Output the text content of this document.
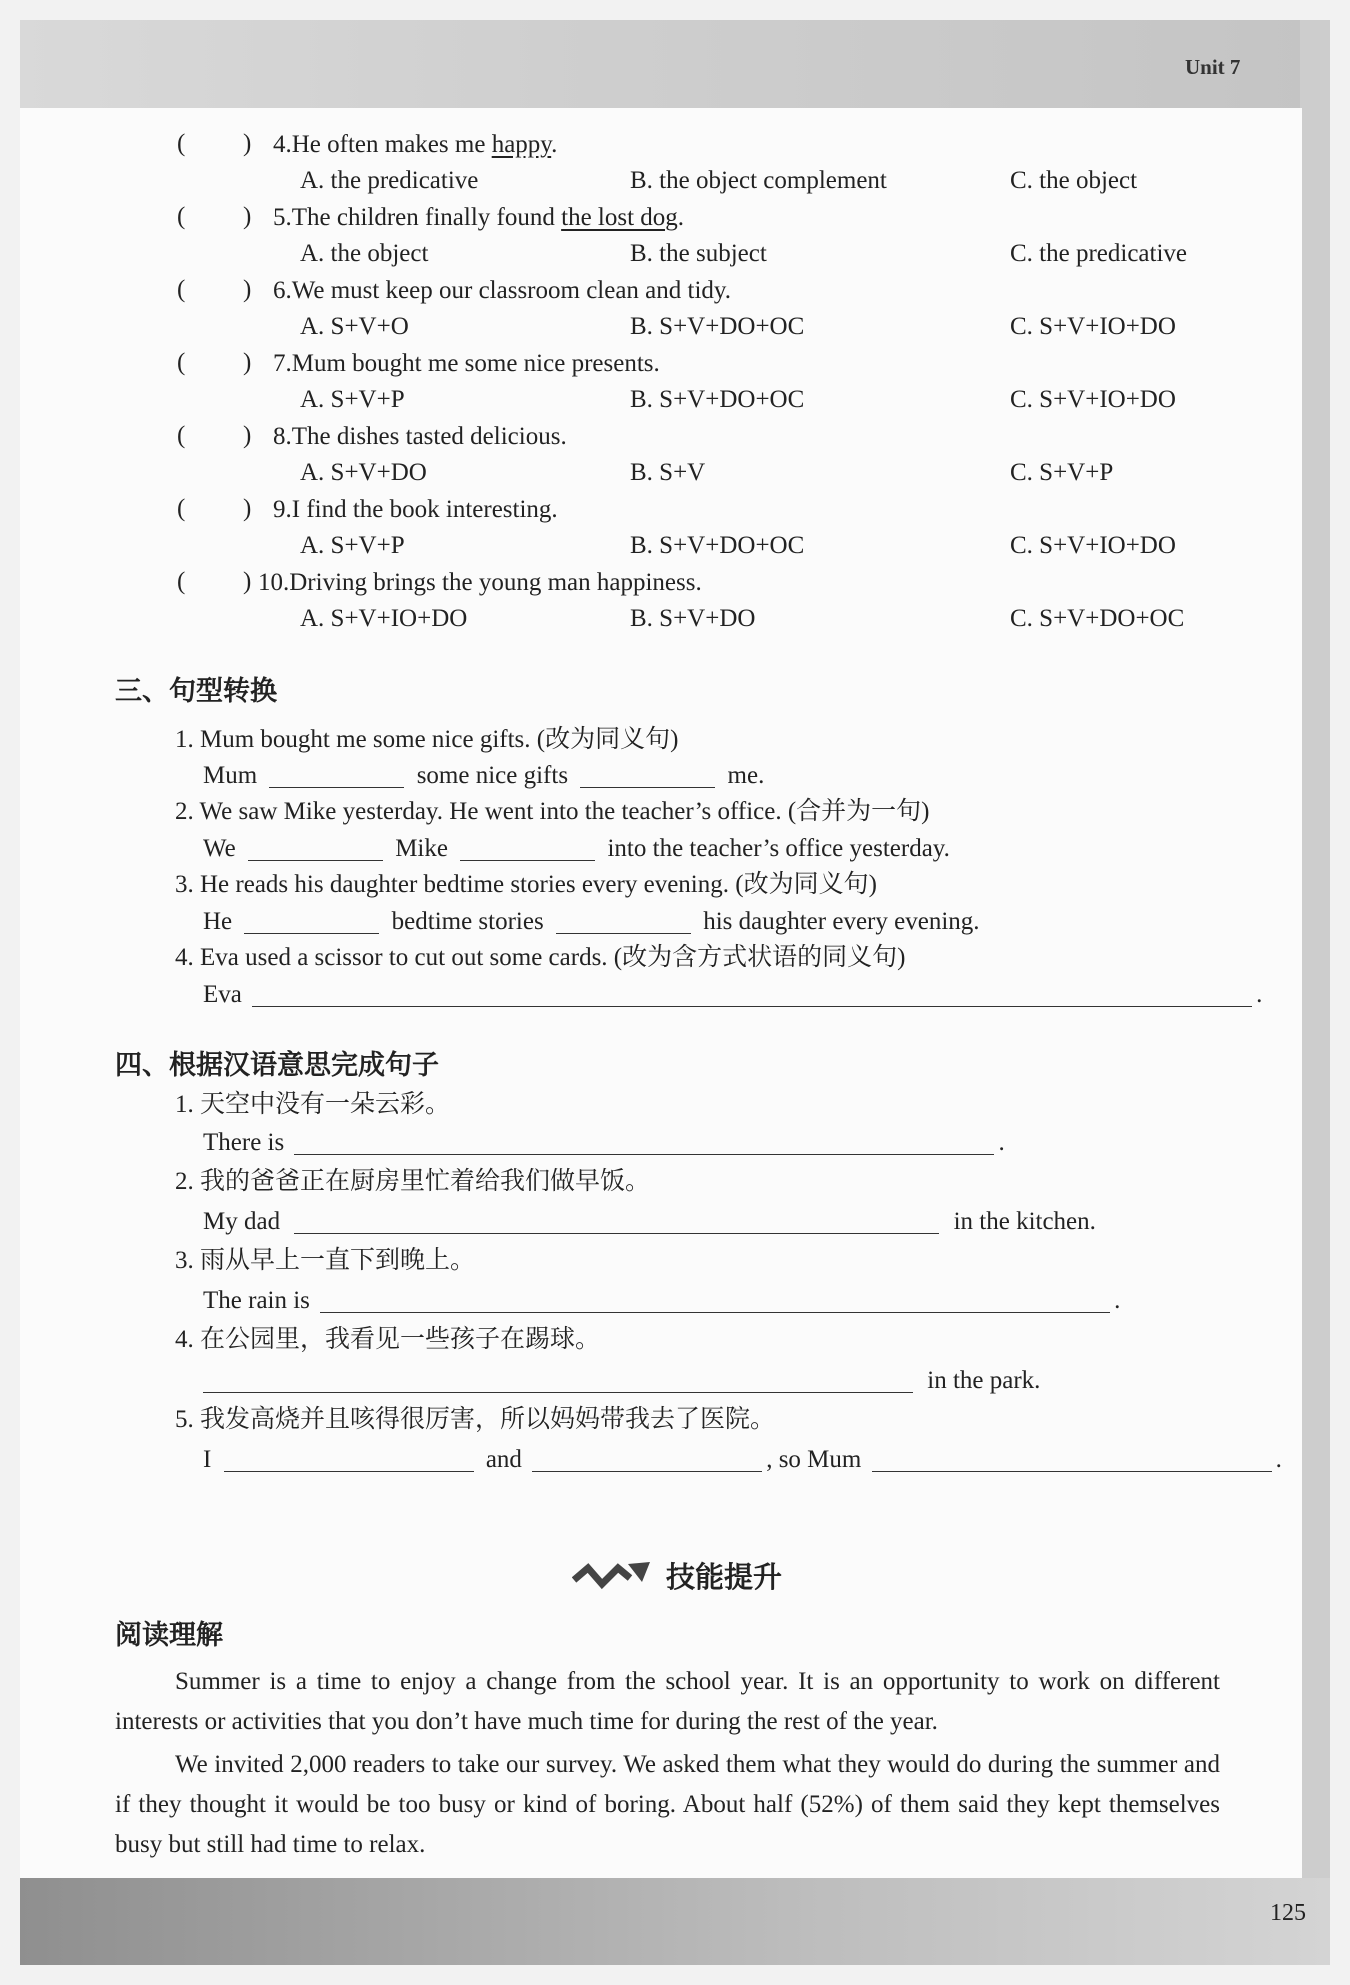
Unit 7
125
( ) 4.He often makes me happy.
A. the predicative	B. the object complement	C. the object
( ) 5.The children finally found the lost dog.
A. the object	B. the subject	C. the predicative
( ) 6.We must keep our classroom clean and tidy.
A. S+V+O	B. S+V+DO+OC	C. S+V+IO+DO
( ) 7.Mum bought me some nice presents.
A. S+V+P	B. S+V+DO+OC	C. S+V+IO+DO
( ) 8.The dishes tasted delicious.
A. S+V+DO	B. S+V	C. S+V+P
( ) 9.I find the book interesting.
A. S+V+P	B. S+V+DO+OC	C. S+V+IO+DO
( ) 10.Driving brings the young man happiness.
A. S+V+IO+DO	B. S+V+DO	C. S+V+DO+OC
三、句型转换
1. Mum bought me some nice gifts. (改为同义句)
Mum	some nice gifts	me.
2. We saw Mike yesterday. He went into the teacher’s office. (合并为一句)
We	Mike	into the teacher’s office yesterday.
3. He reads his daughter bedtime stories every evening. (改为同义句)
He	bedtime stories	his daughter every evening.
4. Eva used a scissor to cut out some cards. (改为含方式状语的同义句)
Eva	.
四、根据汉语意思完成句子
1. 天空中没有一朵云彩。
There is	.
2. 我的爸爸正在厨房里忙着给我们做早饭。
My dad	in the kitchen.
3. 雨从早上一直下到晚上。
The rain is	.
4. 在公园里，我看见一些孩子在踢球。
in the park.
5. 我发高烧并且咳得很厉害，所以妈妈带我去了医院。
I	and	, so Mum	.
技能提升
阅读理解
Summer is a time to enjoy a change from the school year. It is an opportunity to work on different interests or activities that you don’t have much time for during the rest of the year.
We invited 2,000 readers to take our survey. We asked them what they would do during the summer and if they thought it would be too busy or kind of boring. About half (52%) of them said they kept themselves busy but still had time to relax.
